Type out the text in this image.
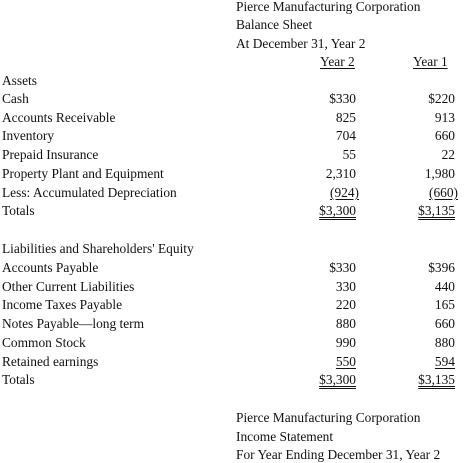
Pierce Manufacturing Corporation
Balance Sheet
At December 31, Year 2
Year 2	Year 1
Assets
Cash	$330	$220
Accounts Receivable	825	913
Inventory	704	660
Prepaid Insurance	55	22
Property Plant and Equipment	2,310	1,980
Less: Accumulated Depreciation	(924)	(660)
Totals	$3,300	$3,135
Liabilities and Shareholders' Equity
Accounts Payable	$330	$396
Other Current Liabilities	330	440
Income Taxes Payable	220	165
Notes Payable—long term	880	660
Common Stock	990	880
Retained earnings	550	594
Totals	$3,300	$3,135
Pierce Manufacturing Corporation
Income Statement
For Year Ending December 31, Year 2
